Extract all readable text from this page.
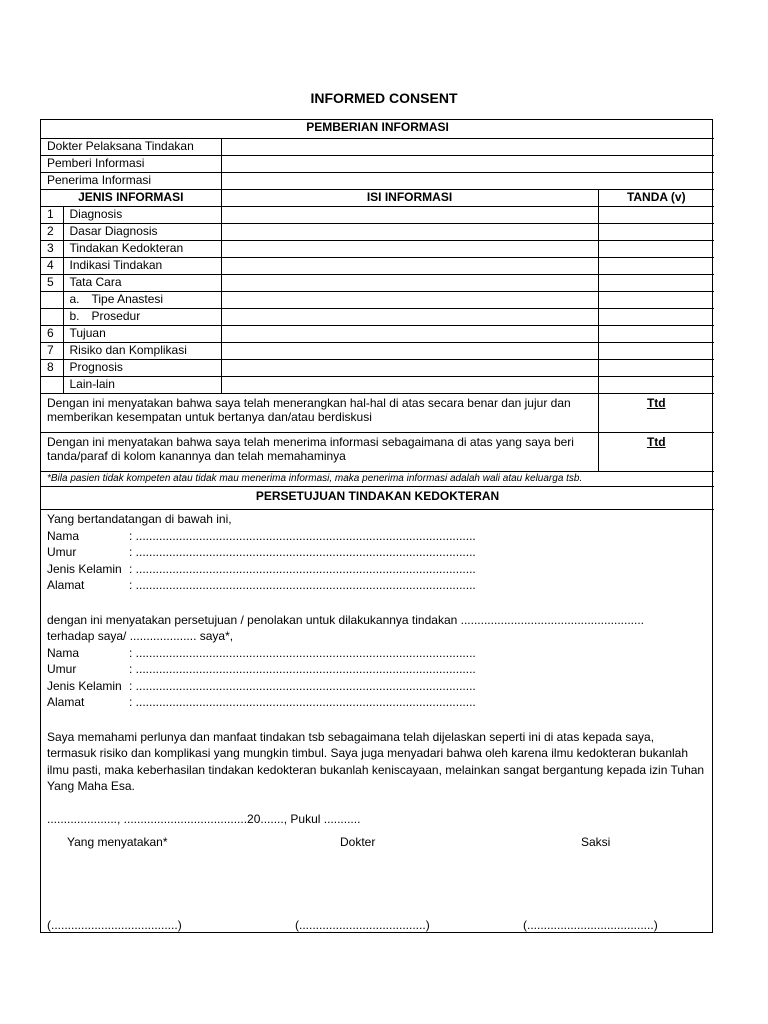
INFORMED CONSENT
PEMBERIAN INFORMASI			
Dokter Pelaksana Tindakan			
Pemberi Informasi			
Penerima Informasi			
JENIS INFORMASI		ISI INFORMASI	TANDA (v)
1	Diagnosis		
2	Dasar Diagnosis		
3	Tindakan Kedokteran		
4	Indikasi Tindakan		
5	Tata Cara		
	a. Tipe Anastesi		
	b. Prosedur		
6	Tujuan		
7	Risiko dan Komplikasi		
8	Prognosis		
	Lain-lain		
Dengan ini menyatakan bahwa saya telah menerangkan hal-hal di atas secara benar dan jujur dan memberikan kesempatan untuk bertanya dan/atau berdiskusi			Ttd
Dengan ini menyatakan bahwa saya telah menerima informasi sebagaimana di atas yang saya beri tanda/paraf di kolom kanannya dan telah memahaminya			Ttd
*Bila pasien tidak kompeten atau tidak mau menerima informasi, maka penerima informasi adalah wali atau keluarga tsb.			
PERSETUJUAN TINDAKAN KEDOKTERAN			

Yang bertandatangan di bawah ini,

Nama	: ......................................................................................................
Umur	: ......................................................................................................
Jenis Kelamin : ......................................................................................................
Alamat	: ......................................................................................................

dengan ini menyatakan persetujuan / penolakan untuk dilakukannya tindakan .......................................................

terhadap saya/ .................... saya*,

Nama	: ......................................................................................................
Umur	: ......................................................................................................
Jenis Kelamin : ......................................................................................................
Alamat	: ......................................................................................................

Saya memahami perlunya dan manfaat tindakan tsb sebagaimana telah dijelaskan seperti ini di atas kepada saya, termasuk risiko dan komplikasi yang mungkin timbul. Saya juga menyadari bahwa oleh karena ilmu kedokteran bukanlah ilmu pasti, maka keberhasilan tindakan kedokteran bukanlah keniscayaan, melainkan sangat bergantung kepada izin Tuhan Yang Maha Esa.

....................., .....................................20......., Pukul ...........

Yang menyatakan*	Dokter	Saksi
(......................................)	(......................................)	(......................................)
